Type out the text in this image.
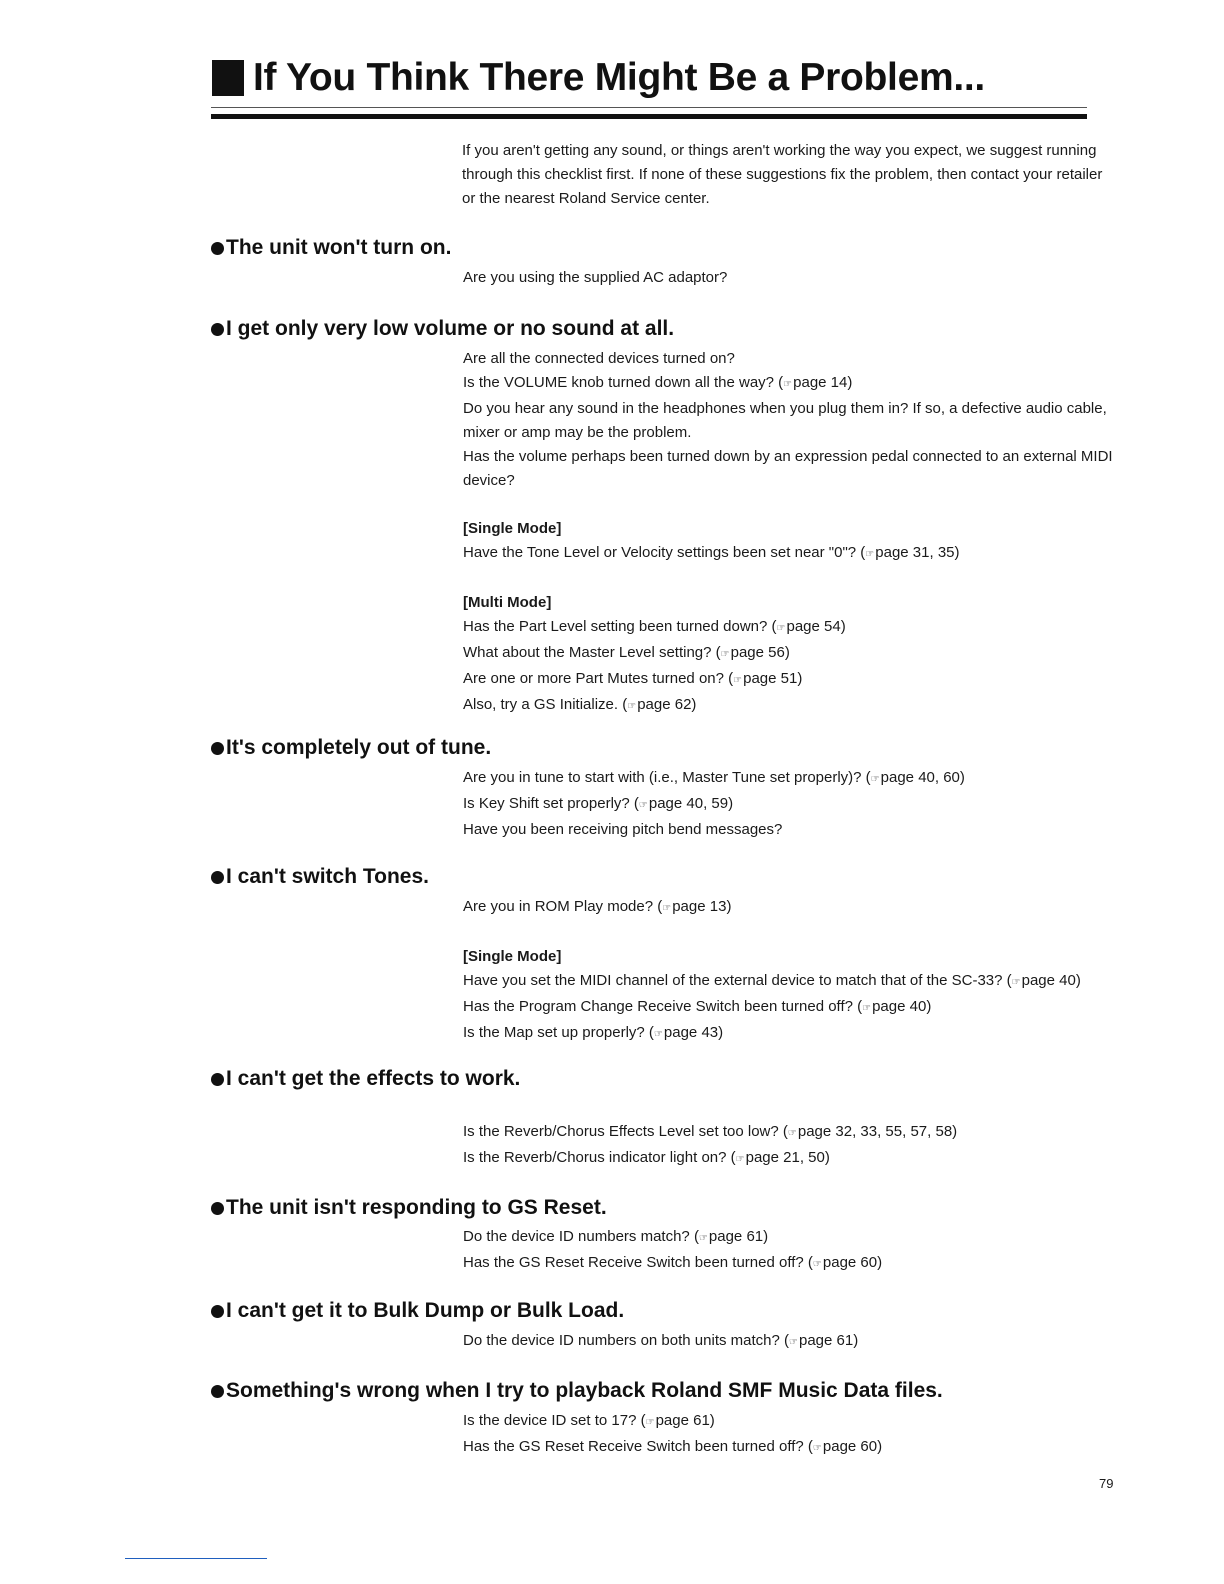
If You Think There Might Be a Problem...
If you aren't getting any sound, or things aren't working the way you expect, we suggest running
through this checklist first. If none of these suggestions fix the problem, then contact your retailer
or the nearest Roland Service center.
The unit won't turn on.
Are you using the supplied AC adaptor?
I get only very low volume or no sound at all.
Are all the connected devices turned on?
Is the VOLUME knob turned down all the way? (☞ page 14)
Do you hear any sound in the headphones when you plug them in? If so, a defective audio cable,
mixer or amp may be the problem.
Has the volume perhaps been turned down by an expression pedal connected to an external MIDI
device?
[Single Mode]
Have the Tone Level or Velocity settings been set near "0"? (☞ page 31, 35)
[Multi Mode]
Has the Part Level setting been turned down? (☞ page 54)
What about the Master Level setting? (☞ page 56)
Are one or more Part Mutes turned on? (☞ page 51)
Also, try a GS Initialize. (☞ page 62)
It's completely out of tune.
Are you in tune to start with (i.e., Master Tune set properly)? (☞ page 40, 60)
Is Key Shift set properly? (☞ page 40, 59)
Have you been receiving pitch bend messages?
I can't switch Tones.
Are you in ROM Play mode? (☞ page 13)
[Single Mode]
Have you set the MIDI channel of the external device to match that of the SC-33? (☞ page 40)
Has the Program Change Receive Switch been turned off? (☞ page 40)
Is the Map set up properly? (☞ page 43)
I can't get the effects to work.
Is the Reverb/Chorus Effects Level set too low? (☞ page 32, 33, 55, 57, 58)
Is the Reverb/Chorus indicator light on? (☞ page 21, 50)
The unit isn't responding to GS Reset.
Do the device ID numbers match? (☞ page 61)
Has the GS Reset Receive Switch been turned off? (☞ page 60)
I can't get it to Bulk Dump or Bulk Load.
Do the device ID numbers on both units match? (☞ page 61)
Something's wrong when I try to playback Roland SMF Music Data files.
Is the device ID set to 17? (☞ page 61)
Has the GS Reset Receive Switch been turned off? (☞ page 60)
79
